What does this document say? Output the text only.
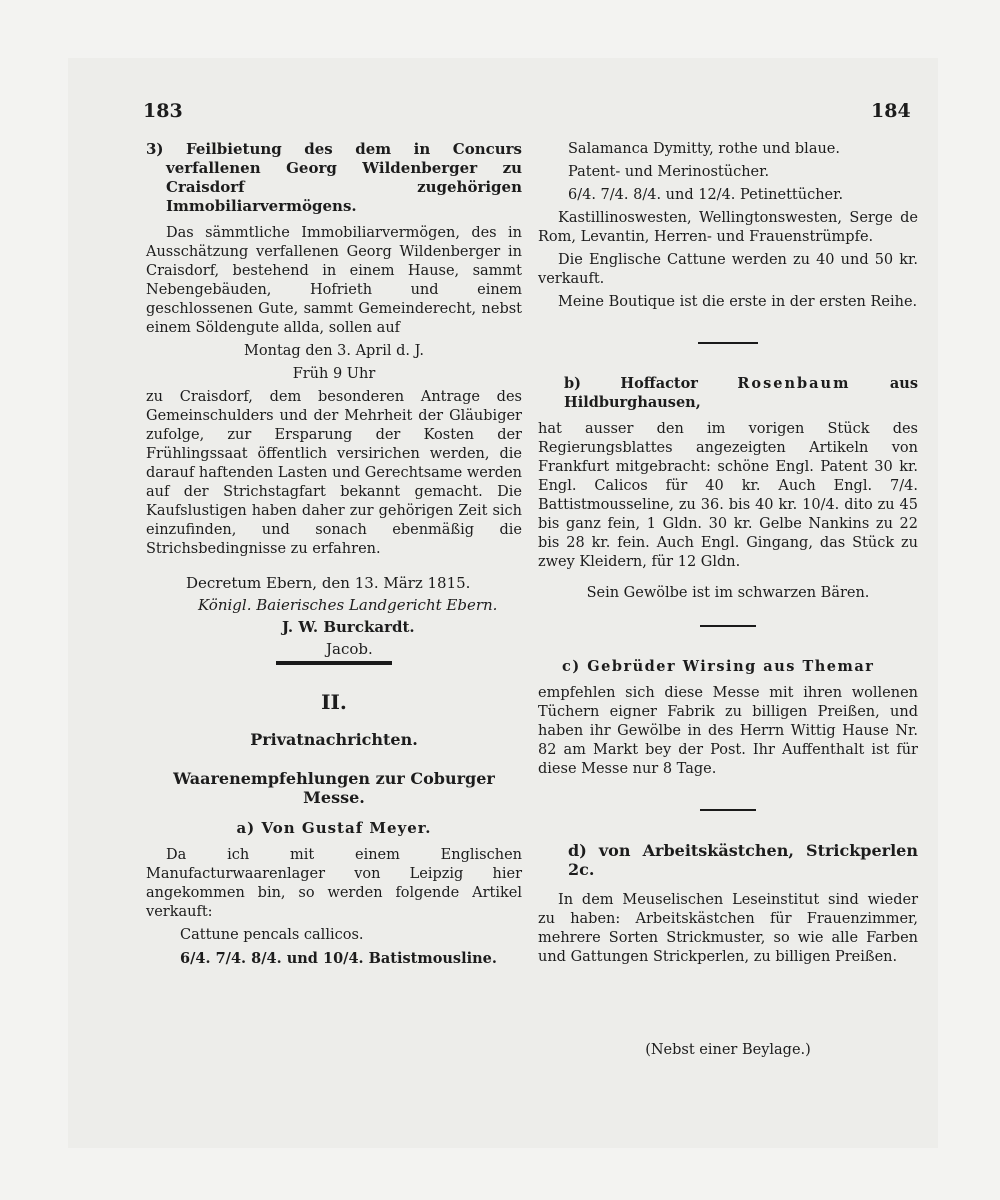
183	184

3) Feilbietung des dem in Concurs verfallenen Georg Wildenberger zu Craisdorf zugehörigen Immobiliarvermögens.

Das sämmtliche Immobiliarvermögen, des in Ausschätzung verfallenen Georg Wildenberger in Craisdorf, bestehend in einem Hause, sammt Nebengebäuden, Hofrieth und einem geschlossenen Gute, sammt Gemeinderecht, nebst einem Söldengute allda, sollen auf

Montag den 3. April d. J.

Früh 9 Uhr

zu Craisdorf, dem besonderen Antrage des Gemeinschulders und der Mehrheit der Gläubiger zufolge, zur Ersparung der Kosten der Frühlingssaat öffentlich versirichen werden, die darauf haftenden Lasten und Gerechtsame werden auf der Strichstagfart bekannt gemacht. Die Kaufslustigen haben daher zur gehörigen Zeit sich einzufinden, und sonach ebenmäßig die Strichsbedingnisse zu erfahren.

Decretum Ebern, den 13. März 1815.
Königl. Baierisches Landgericht Ebern.
J. W. Burckardt.
Jacob.
II.
Privatnachrichten.
Waarenempfehlungen zur Coburger Messe.
a) Von Gustaf Meyer.

Da ich mit einem Englischen Manufacturwaarenlager von Leipzig hier angekommen bin, so werden folgende Artikel verkauft:

Cattune pencals callicos.

6/4. 7/4. 8/4. und 10/4. Batistmousline.

Salamanca Dymitty, rothe und blaue.

Patent- und Merinostücher.

6/4. 7/4. 8/4. und 12/4. Petinettücher.

Kastillinoswesten, Wellingtonswesten, Serge de Rom, Levantin, Herren- und Frauenstrümpfe.

Die Englische Cattune werden zu 40 und 50 kr. verkauft.

Meine Boutique ist die erste in der ersten Reihe.

b) Hoffactor	Rosenbaum	aus Hildburghausen,

hat ausser den im vorigen Stück des Regierungsblattes angezeigten Artikeln von Frankfurt mitgebracht: schöne Engl. Patent 30 kr. Engl. Calicos für 40 kr. Auch Engl. 7/4. Battistmousseline, zu 36. bis 40 kr. 10/4. dito zu 45 bis ganz fein, 1 Gldn. 30 kr. Gelbe Nankins zu 22 bis 28 kr. fein. Auch Engl. Gingang, das Stück zu zwey Kleidern, für 12 Gldn.

Sein Gewölbe ist im schwarzen Bären.

c) Gebrüder Wirsing aus Themar

empfehlen sich diese Messe mit ihren wollenen Tüchern eigner Fabrik zu billigen Preißen, und haben ihr Gewölbe in des Herrn Wittig Hause Nr. 82 am Markt bey der Post. Ihr Auffenthalt ist für diese Messe nur 8 Tage.

d) von Arbeitskästchen, Strickperlen 2c.

In dem Meuselischen Leseinstitut sind wieder zu haben: Arbeitskästchen für Frauenzimmer, mehrere Sorten Strickmuster, so wie alle Farben und Gattungen Strickperlen, zu billigen Preißen.

(Nebst einer Beylage.)
